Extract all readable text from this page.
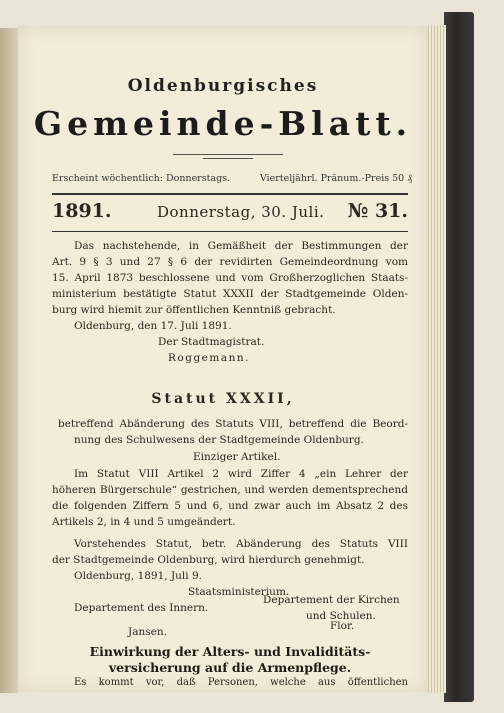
Oldenburgisches
Gemeinde-Blatt.
Erscheint wöchentlich: Donnerstags.	Vierteljährl. Pränum.-Preis 50 ₰
1891.	Donnerstag, 30. Juli. № 31.
Das nachstehende, in Gemäßheit der Bestimmungen der
Art. 9 § 3 und 27 § 6 der revidirten Gemeindeordnung vom
15. April 1873 beschlossene und vom Großherzoglichen Staats-
ministerium bestätigte Statut XXXII der Stadtgemeinde Olden-
burg wird hiemit zur öffentlichen Kenntniß gebracht.
Oldenburg, den 17. Juli 1891.
Der Stadtmagistrat.
Roggemann.
Statut XXXII,
betreffend Abänderung des Statuts VIII, betreffend die Beord-
nung des Schulwesens der Stadtgemeinde Oldenburg.
Einziger Artikel.
Im Statut VIII Artikel 2 wird Ziffer 4 „ein Lehrer der
höheren Bürgerschule“ gestrichen, und werden dementsprechend
die folgenden Ziffern 5 und 6, und zwar auch im Absatz 2 des
Artikels 2, in 4 und 5 umgeändert.
Vorstehendes Statut, betr. Abänderung des Statuts VIII
der Stadtgemeinde Oldenburg, wird hierdurch genehmigt.
Oldenburg, 1891, Juli 9.
Staatsministerium.
Departement des Innern.
Departement der Kirchen
und Schulen.
Jansen.	Flor.
Einwirkung der Alters- und Invaliditäts-
versicherung auf die Armenpflege.
Es kommt vor, daß Personen, welche aus öffentlichen
